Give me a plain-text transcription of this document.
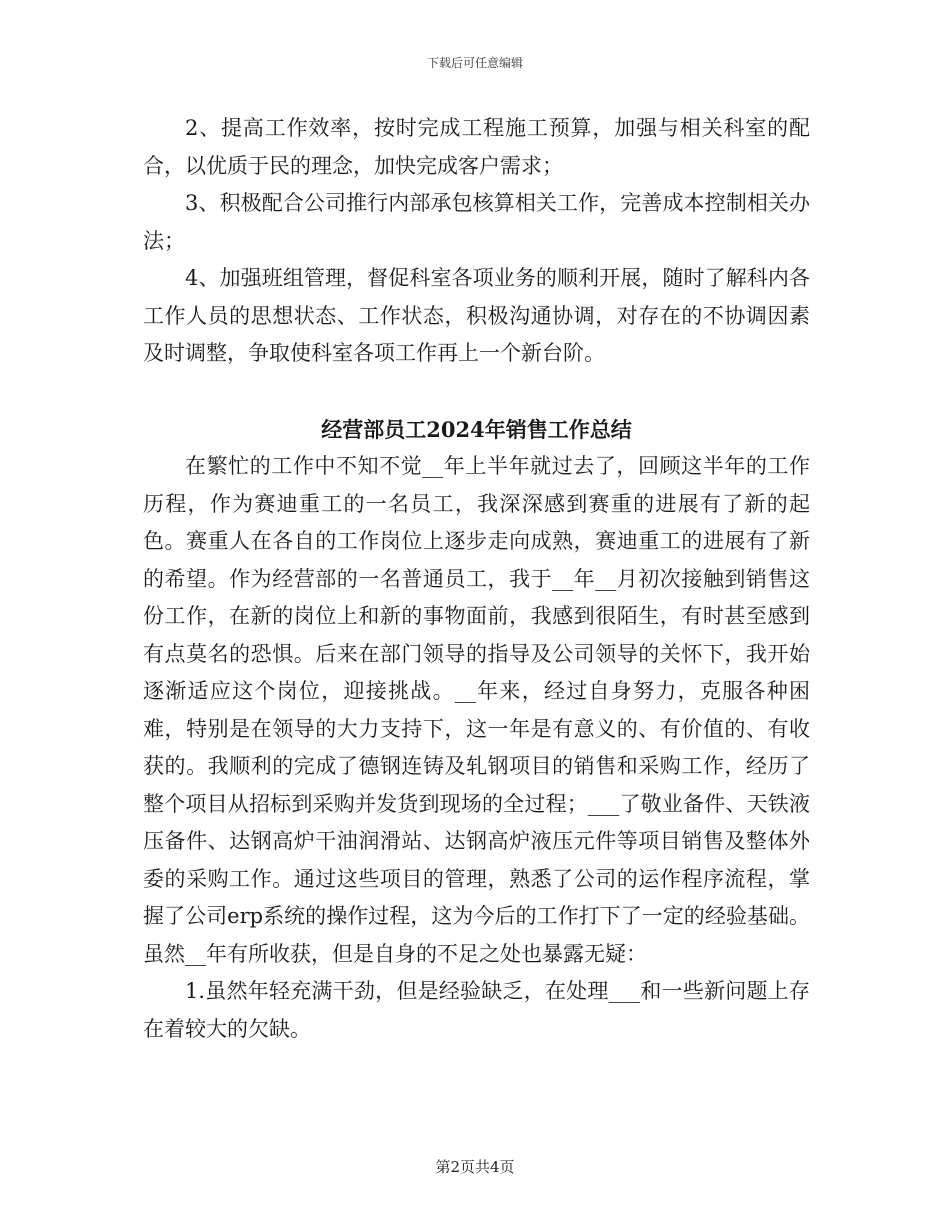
下载后可任意编辑

2、提高工作效率，按时完成工程施工预算，加强与相关科室的配合，以优质于民的理念，加快完成客户需求；

3、积极配合公司推行内部承包核算相关工作，完善成本控制相关办法；

4、加强班组管理，督促科室各项业务的顺利开展，随时了解科内各工作人员的思想状态、工作状态，积极沟通协调，对存在的不协调因素及时调整，争取使科室各项工作再上一个新台阶。

经营部员工2024年销售工作总结

在繁忙的工作中不知不觉__年上半年就过去了，回顾这半年的工作历程，作为赛迪重工的一名员工，我深深感到赛重的进展有了新的起色。赛重人在各自的工作岗位上逐步走向成熟，赛迪重工的进展有了新的希望。作为经营部的一名普通员工，我于__年__月初次接触到销售这份工作，在新的岗位上和新的事物面前，我感到很陌生，有时甚至感到有点莫名的恐惧。后来在部门领导的指导及公司领导的关怀下，我开始逐渐适应这个岗位，迎接挑战。__年来，经过自身努力，克服各种困难，特别是在领导的大力支持下，这一年是有意义的、有价值的、有收获的。我顺利的完成了德钢连铸及轧钢项目的销售和采购工作，经历了整个项目从招标到采购并发货到现场的全过程；___了敬业备件、天铁液压备件、达钢高炉干油润滑站、达钢高炉液压元件等项目销售及整体外委的采购工作。通过这些项目的管理，熟悉了公司的运作程序流程，掌握了公司erp系统的操作过程，这为今后的工作打下了一定的经验基础。虽然__年有所收获，但是自身的不足之处也暴露无疑：

1.虽然年轻充满干劲，但是经验缺乏，在处理___和一些新问题上存在着较大的欠缺。

第2页共4页
